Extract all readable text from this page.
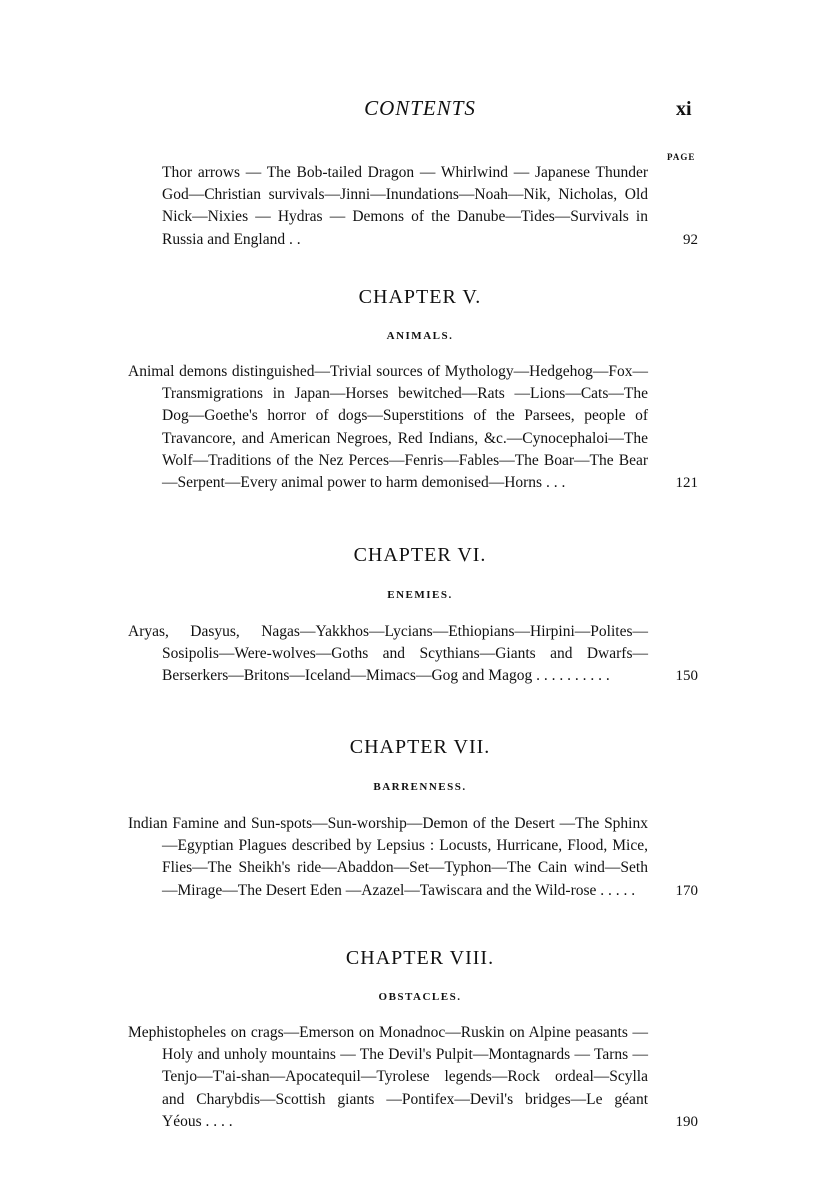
CONTENTS	xi
PAGE
Thor arrows — The Bob-tailed Dragon — Whirlwind — Japanese Thunder God—Christian survivals—Jinni—Inundations—Noah—Nik, Nicholas, Old Nick—Nixies — Hydras — Demons of the Danube—Tides—Survivals in Russia and England . .	92
CHAPTER V.
ANIMALS.
Animal demons distinguished—Trivial sources of Mythology—Hedgehog—Fox—Transmigrations in Japan—Horses bewitched—Rats —Lions—Cats—The Dog—Goethe's horror of dogs—Superstitions of the Parsees, people of Travancore, and American Negroes, Red Indians, &c.—Cynocephaloi—The Wolf—Traditions of the Nez Perces—Fenris—Fables—The Boar—The Bear—Serpent—Every animal power to harm demonised—Horns . . .	121
CHAPTER VI.
ENEMIES.
Aryas, Dasyus, Nagas—Yakkhos—Lycians—Ethiopians—Hirpini—Polites—Sosipolis—Were-wolves—Goths and Scythians—Giants and Dwarfs—Berserkers—Britons—Iceland—Mimacs—Gog and Magog . . . . . . . . . .	150
CHAPTER VII.
BARRENNESS.
Indian Famine and Sun-spots—Sun-worship—Demon of the Desert —The Sphinx—Egyptian Plagues described by Lepsius : Locusts, Hurricane, Flood, Mice, Flies—The Sheikh's ride—Abaddon—Set—Typhon—The Cain wind—Seth—Mirage—The Desert Eden —Azazel—Tawiscara and the Wild-rose . . . . .	170
CHAPTER VIII.
OBSTACLES.
Mephistopheles on crags—Emerson on Monadnoc—Ruskin on Alpine peasants — Holy and unholy mountains — The Devil's Pulpit—Montagnards — Tarns — Tenjo—T'ai-shan—Apocatequil—Tyrolese legends—Rock ordeal—Scylla and Charybdis—Scottish giants —Pontifex—Devil's bridges—Le géant Yéous . . . .	190
